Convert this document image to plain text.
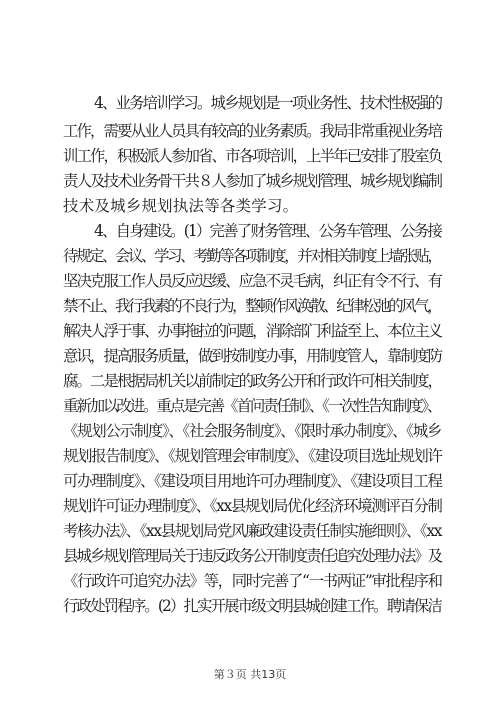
4、业务培训学习。城乡规划是一项业务性、技术性极强的
工作，需要从业人员具有较高的业务素质。我局非常重视业务培
训工作，积极派人参加省、市各项培训，上半年已安排了股室负
责人及技术业务骨干共８人参加了城乡规划管理、城乡规划编制
技术及城乡规划执法等各类学习。
4、自身建设。(1）完善了财务管理、公务车管理、公务接
待规定、会议、学习、考勤等各项制度，并对相关制度上墙张贴，
坚决克服工作人员反应迟缓、应急不灵毛病，纠正有令不行、有
禁不止、我行我素的不良行为，整顿作风涣散、纪律松弛的风气，
解决人浮于事、办事拖拉的问题，消除部门利益至上、本位主义
意识，提高服务质量，做到按制度办事，用制度管人，靠制度防
腐。二是根据局机关以前制定的政务公开和行政许可相关制度，
重新加以改进。重点是完善《首问责任制》、《一次性告知制度》、
《规划公示制度》、《社会服务制度》、《限时承办制度》、《城乡
规划报告制度》、《规划管理会审制度》、《建设项目选址规划许
可办理制度》、《建设项目用地许可办理制度》、《建设项目工程
规划许可证办理制度》、《xx县规划局优化经济环境测评百分制
考核办法》、《xx县规划局党风廉政建设责任制实施细则》、《xx
县城乡规划管理局关于违反政务公开制度责任追究处理办法》及
《行政许可追究办法》等，同时完善了“一书两证”审批程序和
行政处罚程序。(2）扎实开展市级文明县城创建工作。聘请保洁
第３页 共13页
